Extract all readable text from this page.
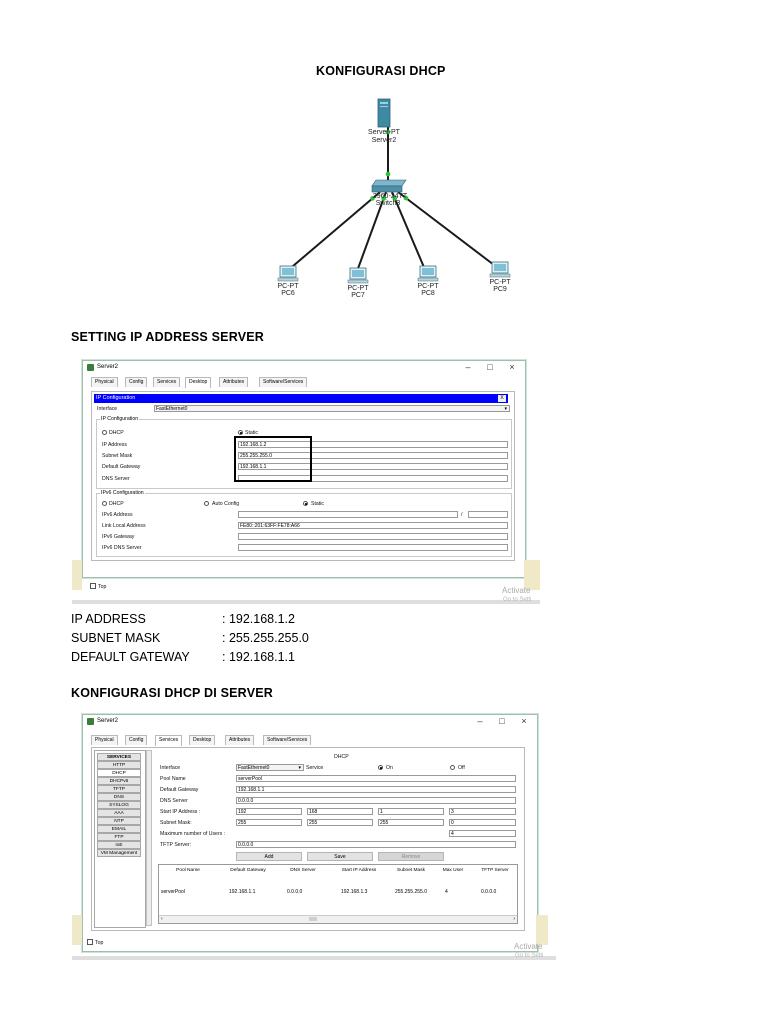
KONFIGURASI DHCP
Server-PT
Server2
2960-24TT
Switch3
PC-PT
PC6
PC-PT
PC7
PC-PT
PC8
PC-PT
PC9
SETTING IP ADDRESS SERVER
Server2	–	□	×
Physical	Config	Services	Desktop	Attributes	Software/Services
IP Configuration	X
Interface	FastEthernet0	▾
IP Configuration
DHCP	Static
IP Address	192.168.1.2
Subnet Mask	255.255.255.0
Default Gateway	192.168.1.1
DNS Server
IPv6 Configuration
DHCP	Auto Config	Static
IPv6 Address	/
Link Local Address	FE80::201:63FF:FE78:A66
IPv6 Gateway
IPv6 DNS Server
Top	Activate
Go to Setti
IP ADDRESS	: 192.168.1.2
SUBNET MASK	: 255.255.255.0
DEFAULT GATEWAY	: 192.168.1.1
KONFIGURASI DHCP DI SERVER
Server2	–	□	×
Physical	Config	Services	Desktop	Attributes	Software/Services
SERVICES
HTTP
DHCP
DHCPv6
TFTP
DNS
SYSLOG
AAA
NTP
EMAIL
FTP
IoE
VM Management
DHCP
Interface	FastEthernet0	▾ Service	On	Off
Pool Name	serverPool
Default Gateway	192.168.1.1
DNS Server	0.0.0.0
Start IP Address :	192	168	1	3
Subnet Mask:	255	255	255	0
Maximum number of Users :	4
TFTP Server:	0.0.0.0
Add	Save	Remove
Pool Name	Default Gateway	DNS Server	Start IP Address	Subnet Mask	Max User	TFTP Server
serverPool	192.168.1.1	0.0.0.0	192.168.1.3	255.255.255.0	4	0.0.0.0
‹	›
Top	Activate
Go to Setti
